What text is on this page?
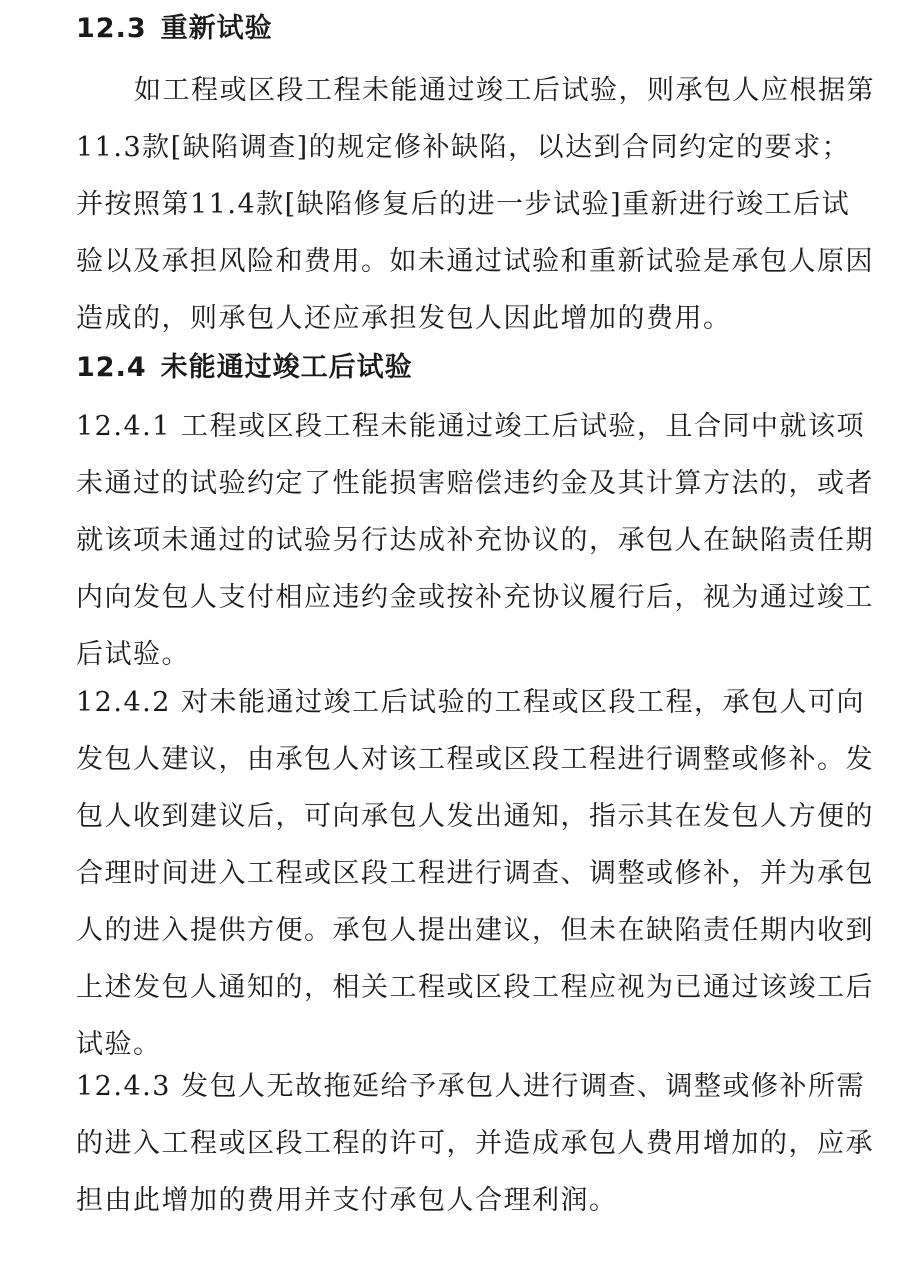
12.3 重新试验

如工程或区段工程未能通过竣工后试验，则承包人应根据第
11.3款[缺陷调查]的规定修补缺陷，以达到合同约定的要求；
并按照第11.4款[缺陷修复后的进一步试验]重新进行竣工后试
验以及承担风险和费用。如未通过试验和重新试验是承包人原因
造成的，则承包人还应承担发包人因此增加的费用。

12.4 未能通过竣工后试验

12.4.1 工程或区段工程未能通过竣工后试验，且合同中就该项
未通过的试验约定了性能损害赔偿违约金及其计算方法的，或者
就该项未通过的试验另行达成补充协议的，承包人在缺陷责任期
内向发包人支付相应违约金或按补充协议履行后，视为通过竣工
后试验。

12.4.2 对未能通过竣工后试验的工程或区段工程，承包人可向
发包人建议，由承包人对该工程或区段工程进行调整或修补。发
包人收到建议后，可向承包人发出通知，指示其在发包人方便的
合理时间进入工程或区段工程进行调查、调整或修补，并为承包
人的进入提供方便。承包人提出建议，但未在缺陷责任期内收到
上述发包人通知的，相关工程或区段工程应视为已通过该竣工后
试验。

12.4.3 发包人无故拖延给予承包人进行调查、调整或修补所需
的进入工程或区段工程的许可，并造成承包人费用增加的，应承
担由此增加的费用并支付承包人合理利润。
